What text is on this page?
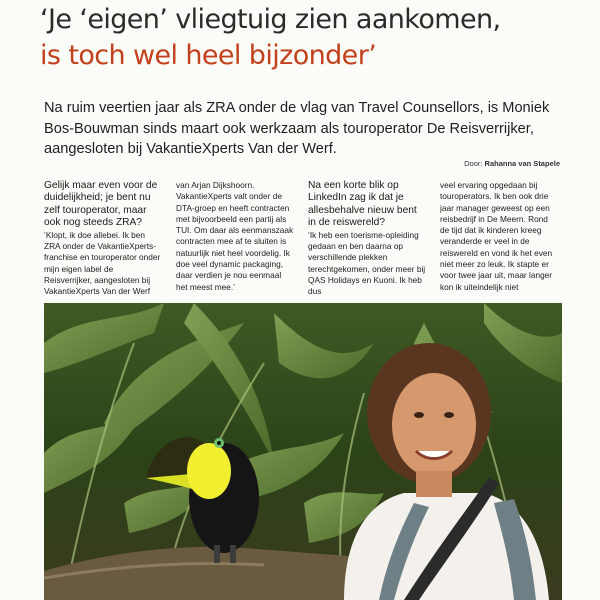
‘Je ‘eigen’ vliegtuig zien aankomen,
is toch wel heel bijzonder’

Na ruim veertien jaar als ZRA onder de vlag van Travel Counsellors, is Moniek Bos-Bouwman sinds maart ook werkzaam als touroperator De Reisverrijker, aangesloten bij VakantieXperts Van der Werf.

Door: Rahanna van Stapele
Gelijk maar even voor de duidelijkheid; je bent nu zelf touroperator, maar ook nog steeds ZRA?

‘Klopt, ik doe allebei. Ik ben ZRA onder de VakantieXperts-franchise en touroperator onder mijn eigen label de Reisverrijker, aangesloten bij VakantieXperts Van der Werf

van Arjan Dijkshoorn. VakantieXperts valt onder de DTA-groep en heeft contracten met bijvoorbeeld een partij als TUI. Om daar als eenmanszaak contracten mee af te sluiten is natuurlijk niet heel voordelig. Ik doe veel dynamic packaging, daar verdien je nou eenmaal het meest mee.’

Na een korte blik op LinkedIn zag ik dat je allesbehalve nieuw bent in de reiswereld?

‘Ik heb een toerisme-opleiding gedaan en ben daarna op verschillende plekken terechtgekomen, onder meer bij QAS Holidays en Kuoni. Ik heb dus

veel ervaring opgedaan bij touroperators. Ik ben ook drie jaar manager geweest op een reisbedrijf in De Meern. Rond de tijd dat ik kinderen kreeg veranderde er veel in de reiswereld en vond ik het even niet meer zo leuk. Ik stapte er voor twee jaar uit, maar langer kon ik uiteindelijk niet
